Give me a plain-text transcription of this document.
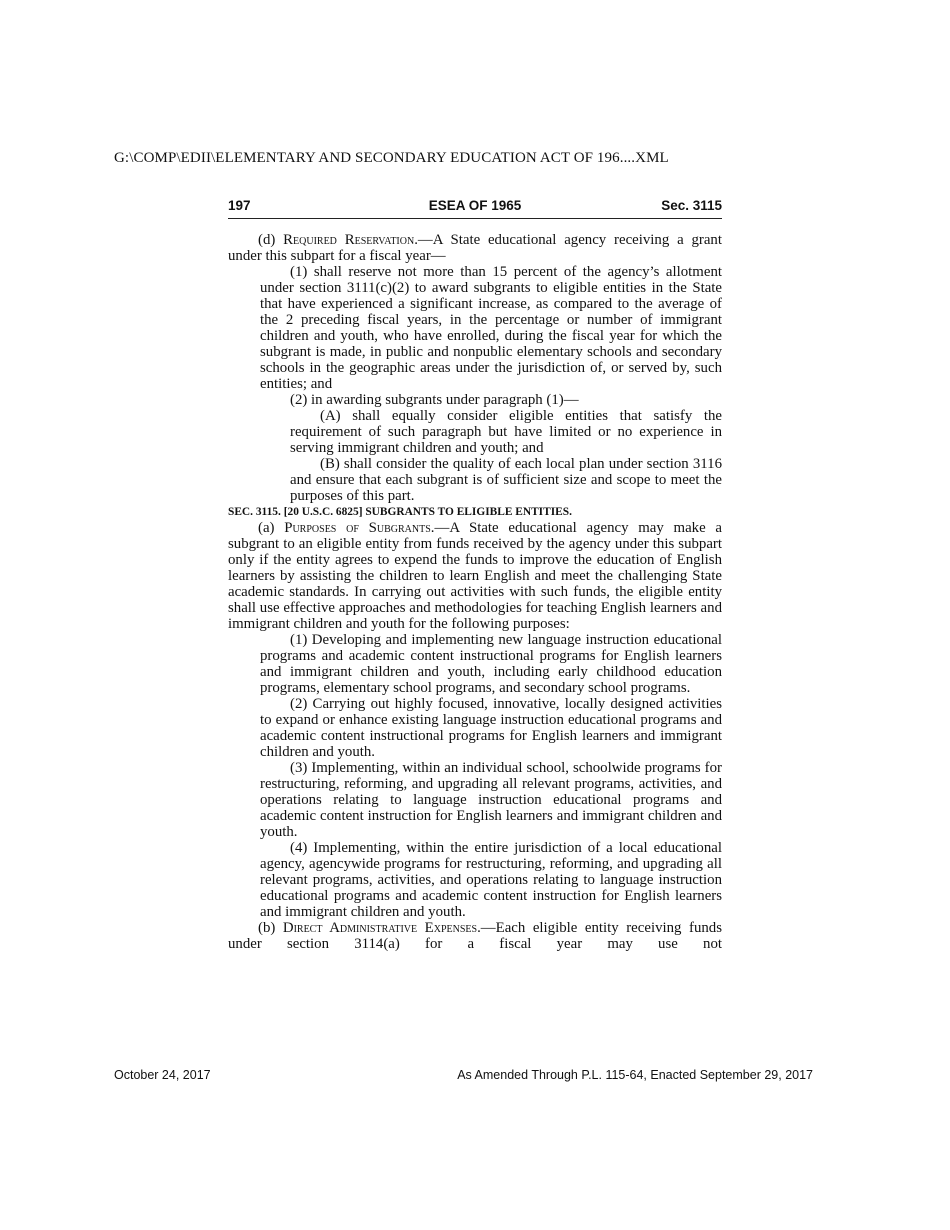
G:\COMP\EDII\ELEMENTARY AND SECONDARY EDUCATION ACT OF 196....XML
197	ESEA OF 1965	Sec. 3115

(d) Required Reservation.—A State educational agency receiving a grant under this subpart for a fiscal year—

(1) shall reserve not more than 15 percent of the agency’s allotment under section 3111(c)(2) to award subgrants to eligible entities in the State that have experienced a significant increase, as compared to the average of the 2 preceding fiscal years, in the percentage or number of immigrant children and youth, who have enrolled, during the fiscal year for which the subgrant is made, in public and nonpublic elementary schools and secondary schools in the geographic areas under the jurisdiction of, or served by, such entities; and

(2) in awarding subgrants under paragraph (1)—

(A) shall equally consider eligible entities that satisfy the requirement of such paragraph but have limited or no experience in serving immigrant children and youth; and

(B) shall consider the quality of each local plan under section 3116 and ensure that each subgrant is of sufficient size and scope to meet the purposes of this part.

SEC. 3115. [20 U.S.C. 6825] SUBGRANTS TO ELIGIBLE ENTITIES.

(a) Purposes of Subgrants.—A State educational agency may make a subgrant to an eligible entity from funds received by the agency under this subpart only if the entity agrees to expend the funds to improve the education of English learners by assisting the children to learn English and meet the challenging State academic standards. In carrying out activities with such funds, the eligible entity shall use effective approaches and methodologies for teaching English learners and immigrant children and youth for the following purposes:

(1) Developing and implementing new language instruction educational programs and academic content instructional programs for English learners and immigrant children and youth, including early childhood education programs, elementary school programs, and secondary school programs.

(2) Carrying out highly focused, innovative, locally designed activities to expand or enhance existing language instruction educational programs and academic content instructional programs for English learners and immigrant children and youth.

(3) Implementing, within an individual school, schoolwide programs for restructuring, reforming, and upgrading all relevant programs, activities, and operations relating to language instruction educational programs and academic content instruction for English learners and immigrant children and youth.

(4) Implementing, within the entire jurisdiction of a local educational agency, agencywide programs for restructuring, reforming, and upgrading all relevant programs, activities, and operations relating to language instruction educational programs and academic content instruction for English learners and immigrant children and youth.

(b) Direct Administrative Expenses.—Each eligible entity receiving funds under section 3114(a) for a fiscal year may use not

October 24, 2017	As Amended Through P.L. 115-64, Enacted September 29, 2017
